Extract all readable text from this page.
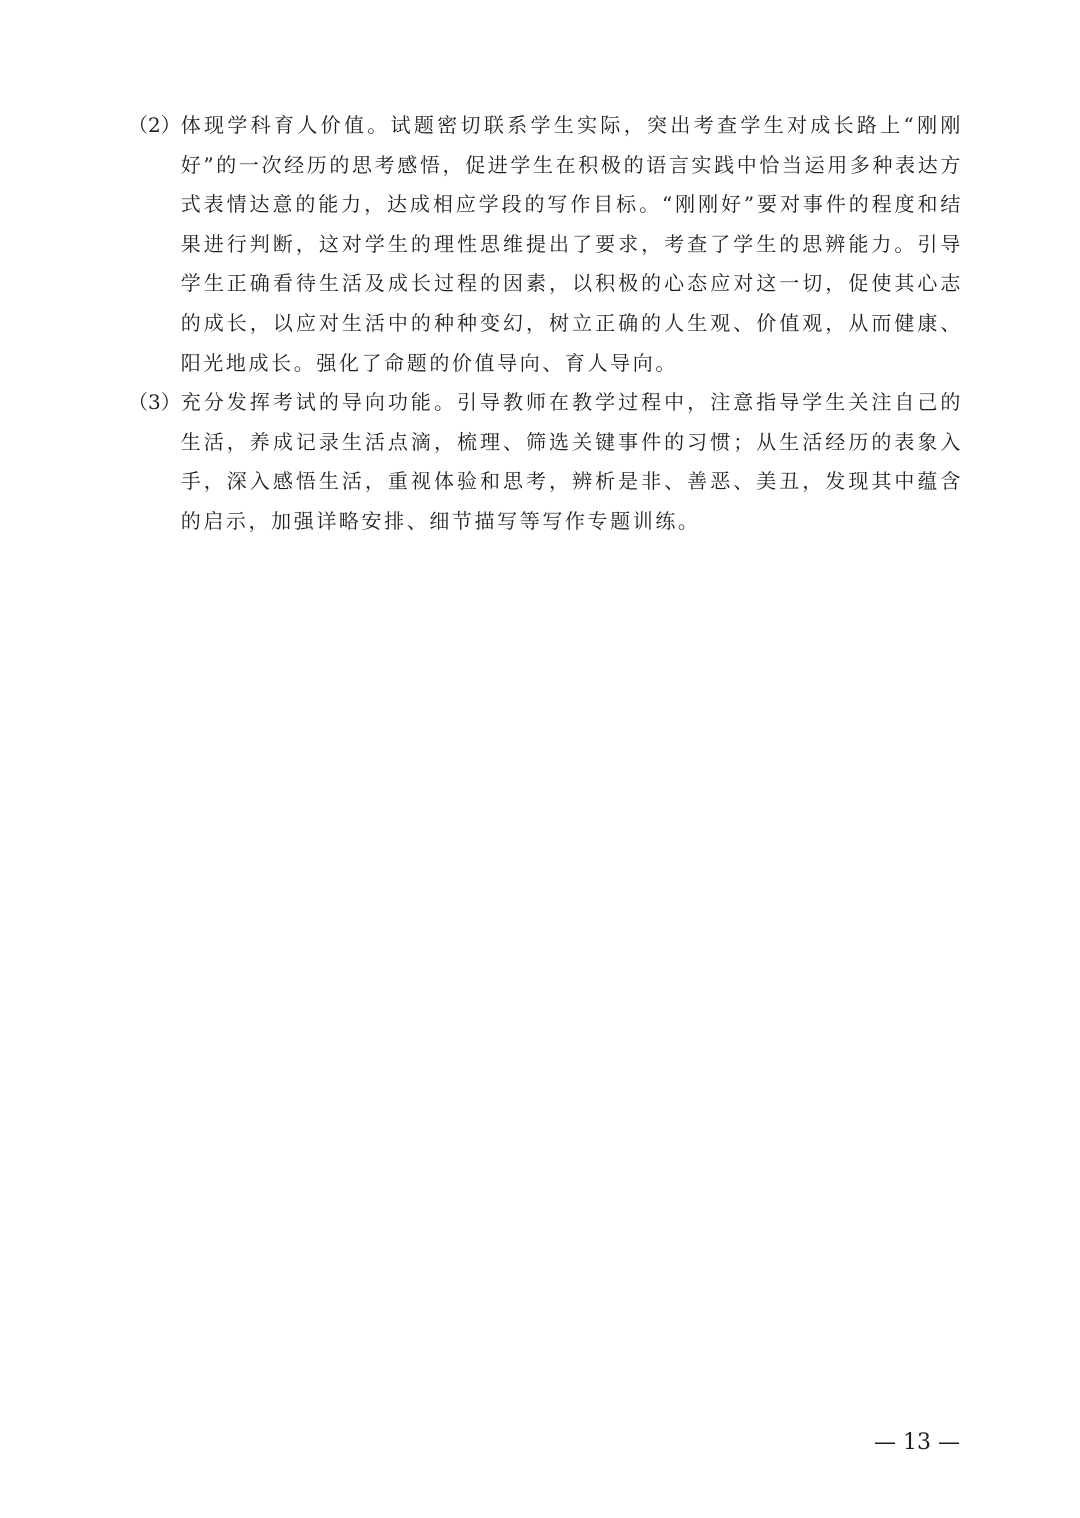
（2） 体现学科育人价值。试题密切联系学生实际，突出考查学生对成长路上“刚刚好”的一次经历的思考感悟，促进学生在积极的语言实践中恰当运用多种表达方式表情达意的能力，达成相应学段的写作目标。“刚刚好”要对事件的程度和结果进行判断，这对学生的理性思维提出了要求，考查了学生的思辨能力。引导学生正确看待生活及成长过程的因素，以积极的心态应对这一切，促使其心志的成长，以应对生活中的种种变幻，树立正确的人生观、价值观，从而健康、阳光地成长。强化了命题的价值导向、育人导向。

（3） 充分发挥考试的导向功能。引导教师在教学过程中，注意指导学生关注自己的生活，养成记录生活点滴，梳理、筛选关键事件的习惯；从生活经历的表象入手，深入感悟生活，重视体验和思考，辨析是非、善恶、美丑，发现其中蕴含的启示，加强详略安排、细节描写等写作专题训练。

— 13 —
